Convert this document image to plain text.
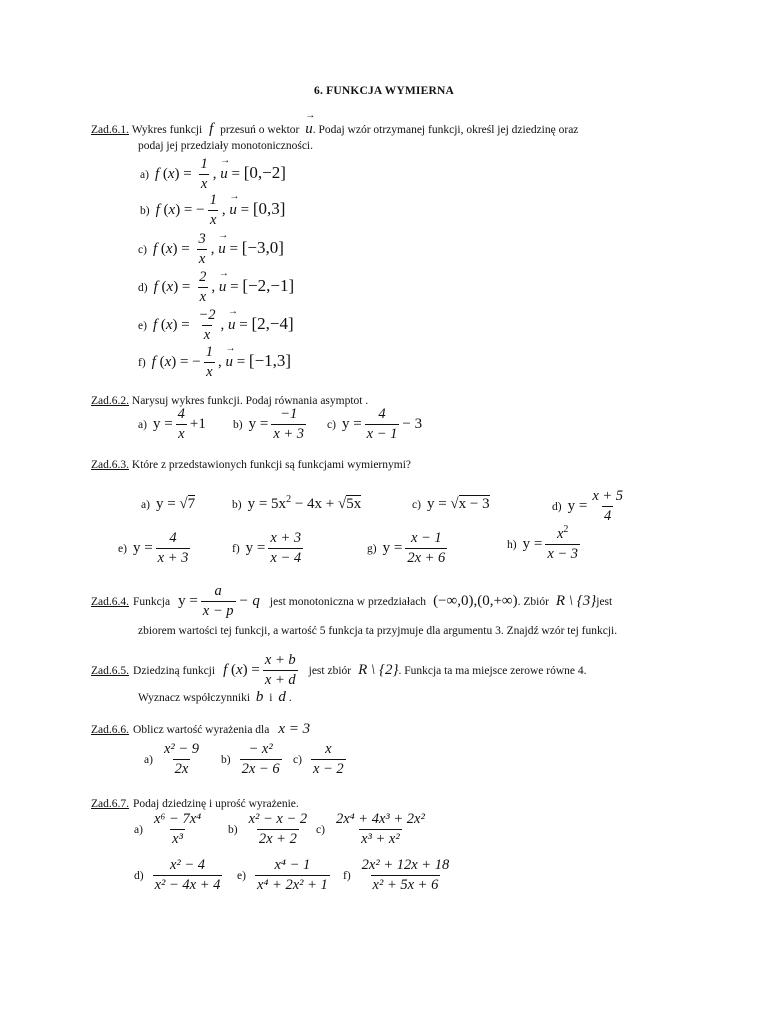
6. FUNKCJA WYMIERNA
Zad.6.1. Wykres funkcji f przesuń o wektor → u. Podaj wzór otrzymanej funkcji, określ jej dziedzinę oraz
podaj jej przedziały monotoniczności.
a) f $(x) = \frac{1}{x}$ , → u = [0,−2]
b) f (x) = − $\frac{1}{x}$ , → u = [0,3]
c) f $(x) = \frac{3}{x}$ , → u = [−3,0]
d) f $(x) = \frac{2}{x}$ , → u = [−2,−1]
e) f $(x) = \frac{-2}{x}$ , → u = [2,−4]
f) f (x) = − $\frac{1}{x}$ , → u = [−1,3]
Zad.6.2. Narysuj wykres funkcji. Podaj równania asymptot .
a) $y = \frac{4}{x} +1$ b) $y = \frac{-1}{x + 3} c$) $y = \frac{4}{x - 1} - 3$
Zad.6.3. Które z przedstawionych funkcji są funkcjami wymiernymi?
a) y = √7	b) $y = 5x^2 - 4x + √5x$	c) y = √x − 3	d) $y = \frac{x + 5}{4}$
e) $y = \frac{4}{x + 3}$	f) $y = \frac{x + 3}{x - 4}$	g) $y = \frac{x - 1}{2x + 6}$	h) $y = \frac{x^2}{x - 3}$
Zad.6.4. Funkcja $y = \frac{a}{x - p} - q$ jest monotoniczna w przedziałach (−∞,0),(0,+∞). Zbiór R \ {3}jest
zbiorem wartości tej funkcji, a wartość 5 funkcja ta przyjmuje dla argumentu 3. Znajdź wzór tej funkcji.
Zad.6.5. Dziedziną funkcji f $(x) = \frac{x + b}{x + d}$ jest zbiór R \ {2}. Funkcja ta ma miejsce zerowe równe 4.
Wyznacz współczynniki b i d .
Zad.6.6. Oblicz wartość wyrażenia dla x = 3
$a) \frac{\text{x² − 9}}{2x} b) \frac{\text{− x²}}{2x - 6} c) \frac{x}{x - 2}$
Zad.6.7. Podaj dziedzinę i uprość wyrażenie.
$a) \frac{\text{x⁶ − 7x⁴}}{\text{x³}} b) \frac{\text{x² − x − 2}}{2x + 2} c) \frac{\text{2x⁴ + 4x³ + 2x²}}{\text{x³ + x²}}$
$d) \frac{\text{x² − 4}}{\text{x² − 4x + 4}} e) \frac{\text{x⁴ − 1}}{\text{x⁴ + 2x² + 1}} f) \frac{\text{2x² + 12x + 18}}{\text{x² + 5x + 6}}$
